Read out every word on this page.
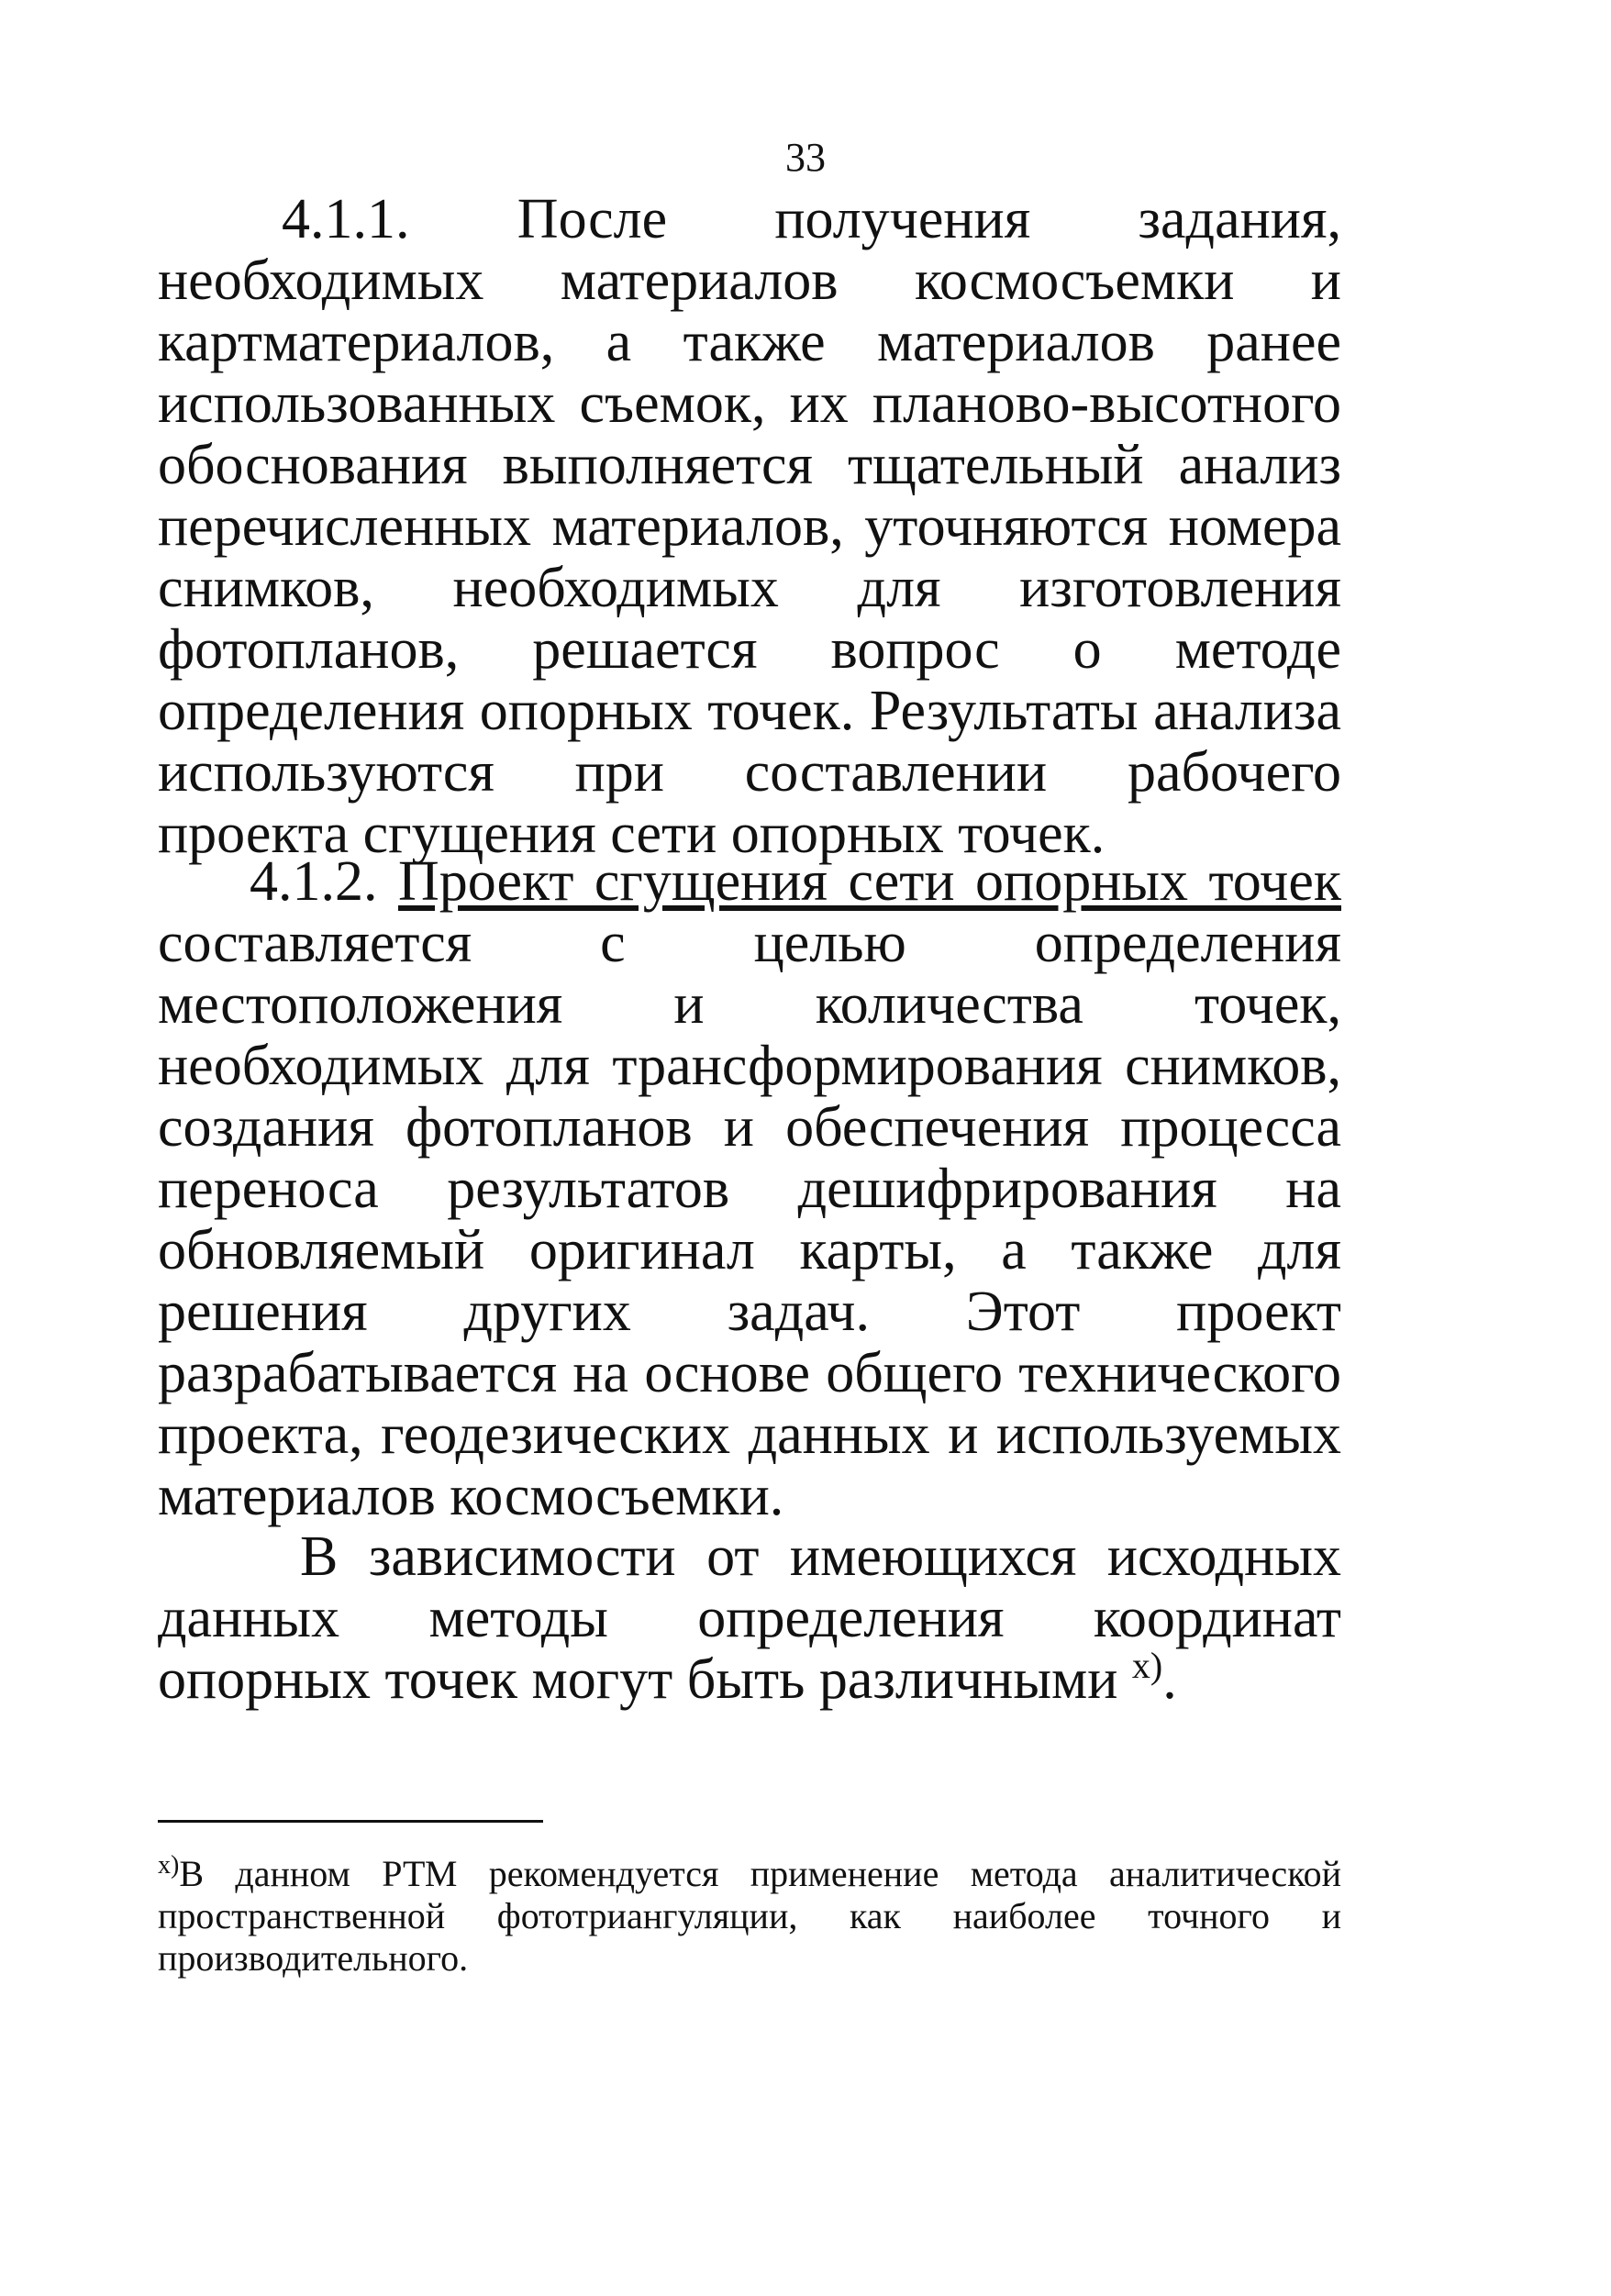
33

4.1.1. После получения задания, необходимых материалов космосъемки и картматериалов, а также материалов ранее использованных съемок, их планово-высотного обоснования выполняется тщательный анализ перечисленных материалов, уточняются номера снимков, необходимых для изготовления фотопланов, решается вопрос о методе определения опорных точек. Результаты анализа используются при составлении рабочего проекта сгущения сети опорных точек.

4.1.2. Проект сгущения сети опорных точек составляется с целью определения местоположения и количества точек, необходимых для трансформирования снимков, создания фотопланов и обеспечения процесса переноса результатов дешифрирования на обновляемый оригинал карты, а также для решения других задач. Этот проект разрабатывается на основе общего технического проекта, геодезических данных и используемых материалов космосъемки.

В зависимости от имеющихся исходных данных методы определения координат опорных точек могут быть различными $^{х)}$.

$^{х)}$В данном РТМ рекомендуется применение метода аналитической пространственной фототриангуляции, как наиболее точного и производительного.
